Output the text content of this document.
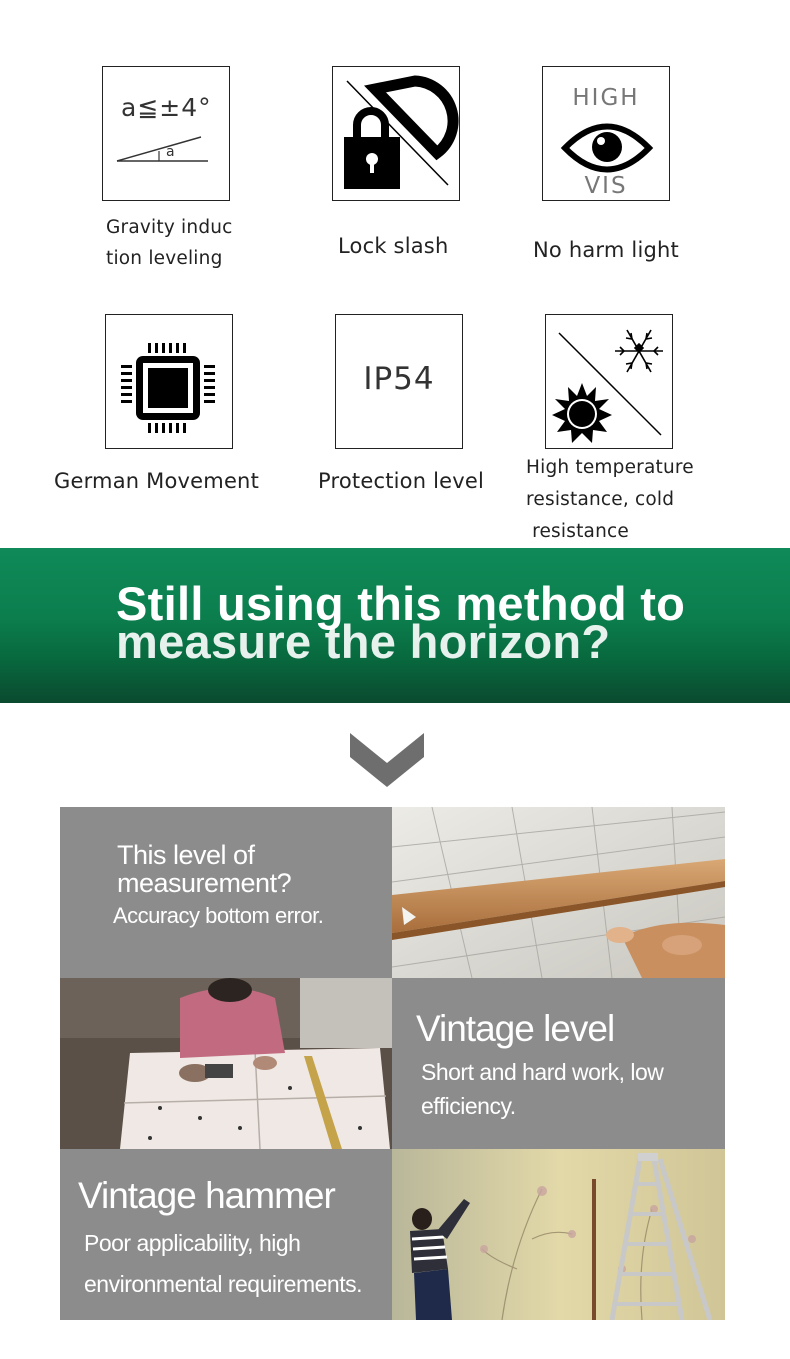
a≦±4°
a
Gravity induc
tion leveling
Lock slash
HIGH
VIS
No harm light
German Movement
IP54
Protection level
High temperature
resistance, cold
resistance
Still using this method to
measure the horizon?
This level of
measurement?
Accuracy bottom error.
Vintage level
Short and hard work, low
efficiency.
Vintage hammer
Poor applicability, high
environmental requirements.
